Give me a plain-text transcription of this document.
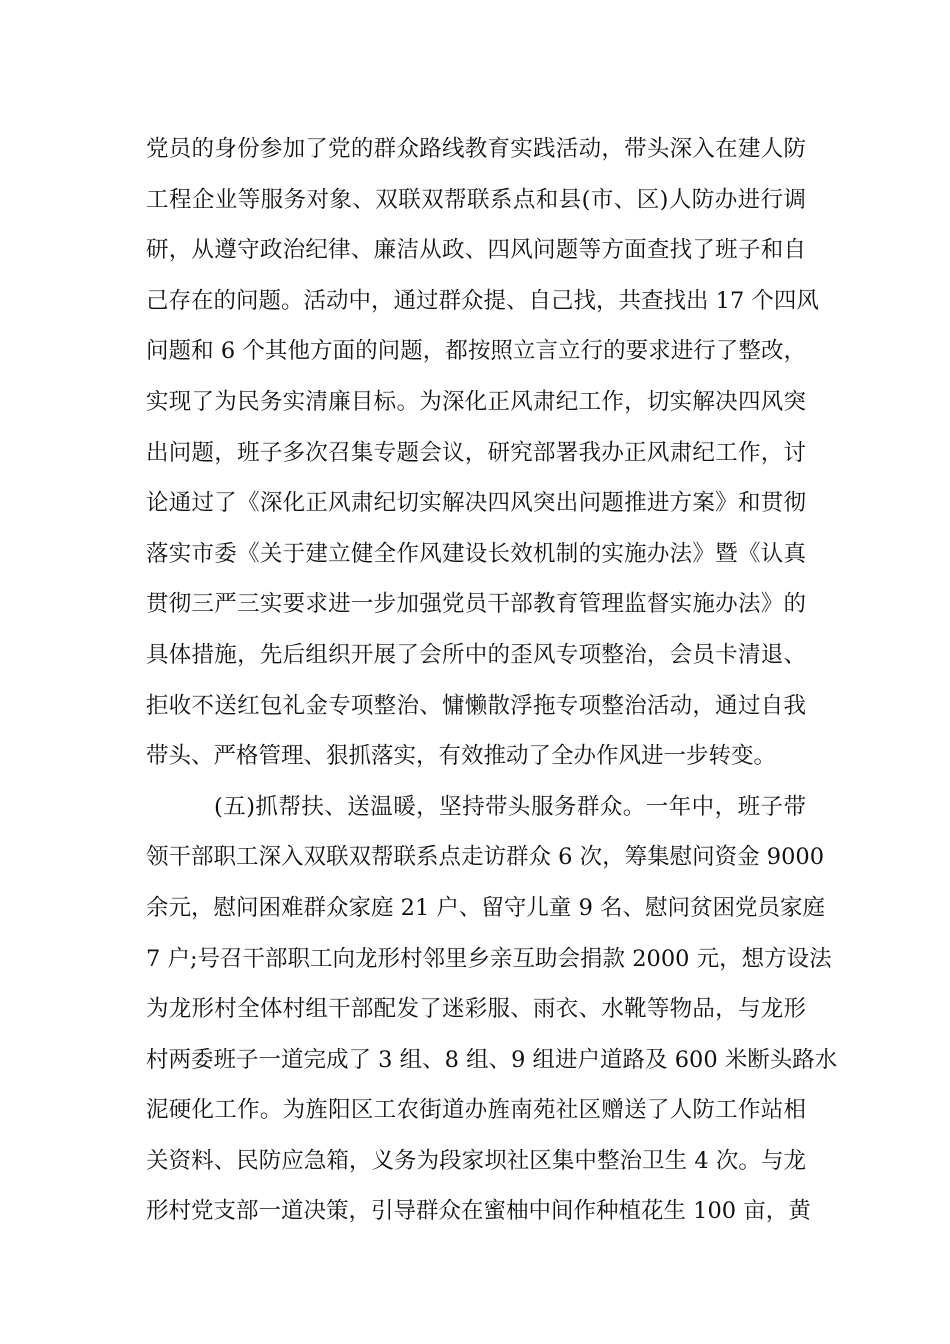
党员的身份参加了党的群众路线教育实践活动，带头深入在建人防
工程企业等服务对象、双联双帮联系点和县(市、区)人防办进行调
研，从遵守政治纪律、廉洁从政、四风问题等方面查找了班子和自
己存在的问题。活动中，通过群众提、自己找，共查找出 17 个四风
问题和 6 个其他方面的问题，都按照立言立行的要求进行了整改，
实现了为民务实清廉目标。为深化正风肃纪工作，切实解决四风突
出问题，班子多次召集专题会议，研究部署我办正风肃纪工作，讨
论通过了《深化正风肃纪切实解决四风突出问题推进方案》和贯彻
落实市委《关于建立健全作风建设长效机制的实施办法》暨《认真
贯彻三严三实要求进一步加强党员干部教育管理监督实施办法》的
具体措施，先后组织开展了会所中的歪风专项整治，会员卡清退、
拒收不送红包礼金专项整治、慵懒散浮拖专项整治活动，通过自我
带头、严格管理、狠抓落实，有效推动了全办作风进一步转变。
(五)抓帮扶、送温暖，坚持带头服务群众。一年中，班子带
领干部职工深入双联双帮联系点走访群众 6 次，筹集慰问资金 9000
余元，慰问困难群众家庭 21 户、留守儿童 9 名、慰问贫困党员家庭
7 户;号召干部职工向龙形村邻里乡亲互助会捐款 2000 元，想方设法
为龙形村全体村组干部配发了迷彩服、雨衣、水靴等物品，与龙形
村两委班子一道完成了 3 组、8 组、9 组进户道路及 600 米断头路水
泥硬化工作。为旌阳区工农街道办旌南苑社区赠送了人防工作站相
关资料、民防应急箱，义务为段家坝社区集中整治卫生 4 次。与龙
形村党支部一道决策，引导群众在蜜柚中间作种植花生 100 亩，黄
